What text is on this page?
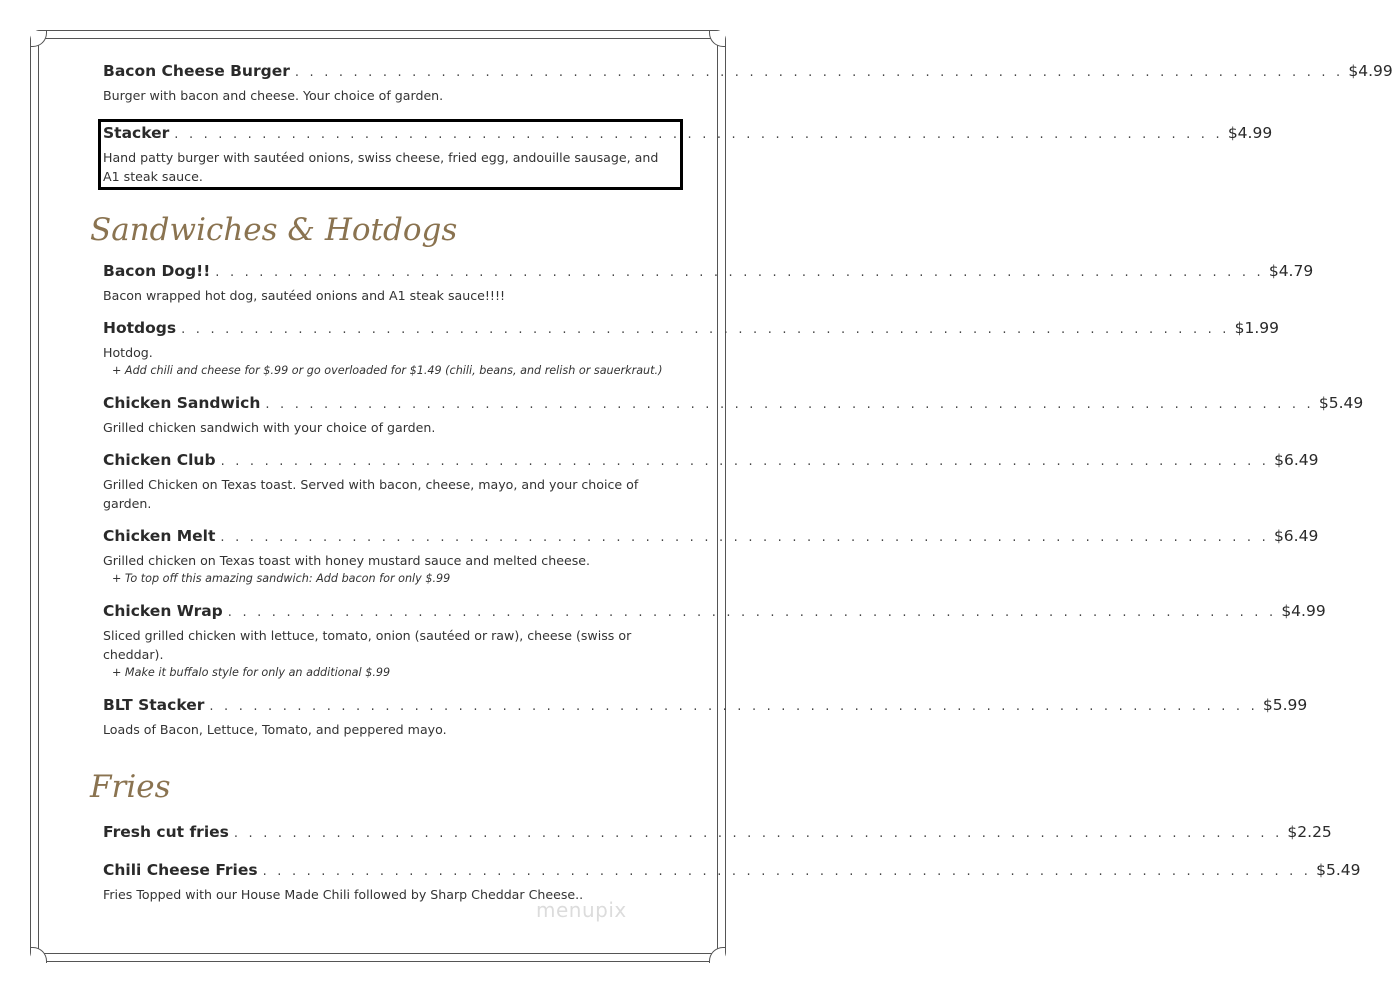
Bacon Cheese Burger . . . . . . . . . . . . . . . . . . . . . . . . . . . . . . . . . . . . . . . . . . . . . . . . . . . . . . . . . . . . . . . . . . . . . . . . $4.99
Burger with bacon and cheese. Your choice of garden.
Stacker . . . . . . . . . . . . . . . . . . . . . . . . . . . . . . . . . . . . . . . . . . . . . . . . . . . . . . . . . . . . . . . . . . . . . . . . $4.99
Hand patty burger with sautéed onions, swiss cheese, fried egg, andouille sausage, and A1 steak sauce.
Sandwiches & Hotdogs
Bacon Dog!! . . . . . . . . . . . . . . . . . . . . . . . . . . . . . . . . . . . . . . . . . . . . . . . . . . . . . . . . . . . . . . . . . . . . . . . . $4.79
Bacon wrapped hot dog, sautéed onions and A1 steak sauce!!!!
Hotdogs . . . . . . . . . . . . . . . . . . . . . . . . . . . . . . . . . . . . . . . . . . . . . . . . . . . . . . . . . . . . . . . . . . . . . . . . $1.99
Hotdog.
+ Add chili and cheese for $.99 or go overloaded for $1.49 (chili, beans, and relish or sauerkraut.)
Chicken Sandwich . . . . . . . . . . . . . . . . . . . . . . . . . . . . . . . . . . . . . . . . . . . . . . . . . . . . . . . . . . . . . . . . . . . . . . . . $5.49
Grilled chicken sandwich with your choice of garden.
Chicken Club . . . . . . . . . . . . . . . . . . . . . . . . . . . . . . . . . . . . . . . . . . . . . . . . . . . . . . . . . . . . . . . . . . . . . . . . $6.49
Grilled Chicken on Texas toast. Served with bacon, cheese, mayo, and your choice of garden.
Chicken Melt . . . . . . . . . . . . . . . . . . . . . . . . . . . . . . . . . . . . . . . . . . . . . . . . . . . . . . . . . . . . . . . . . . . . . . . . $6.49
Grilled chicken on Texas toast with honey mustard sauce and melted cheese.
+ To top off this amazing sandwich: Add bacon for only $.99
Chicken Wrap . . . . . . . . . . . . . . . . . . . . . . . . . . . . . . . . . . . . . . . . . . . . . . . . . . . . . . . . . . . . . . . . . . . . . . . . $4.99
Sliced grilled chicken with lettuce, tomato, onion (sautéed or raw), cheese (swiss or cheddar).
+ Make it buffalo style for only an additional $.99
BLT Stacker . . . . . . . . . . . . . . . . . . . . . . . . . . . . . . . . . . . . . . . . . . . . . . . . . . . . . . . . . . . . . . . . . . . . . . . . $5.99
Loads of Bacon, Lettuce, Tomato, and peppered mayo.
Fries
Fresh cut fries . . . . . . . . . . . . . . . . . . . . . . . . . . . . . . . . . . . . . . . . . . . . . . . . . . . . . . . . . . . . . . . . . . . . . . . . $2.25
Chili Cheese Fries . . . . . . . . . . . . . . . . . . . . . . . . . . . . . . . . . . . . . . . . . . . . . . . . . . . . . . . . . . . . . . . . . . . . . . . . $5.49
Fries Topped with our House Made Chili followed by Sharp Cheddar Cheese..
menupix
